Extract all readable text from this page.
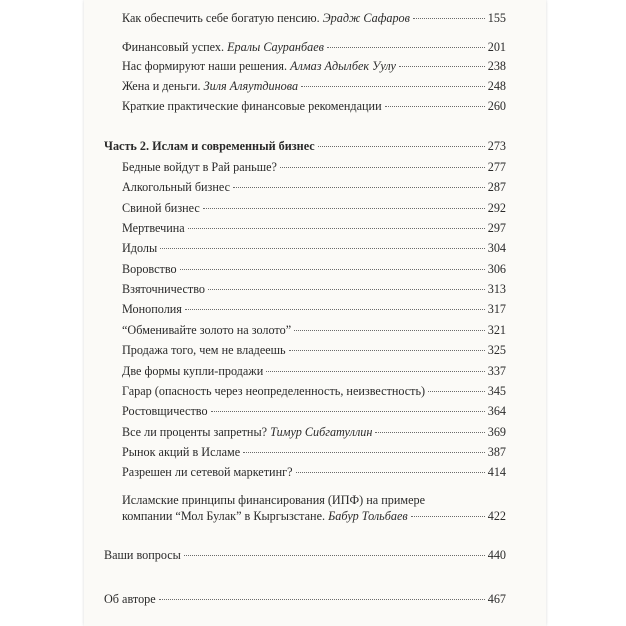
Как обеспечить себе богатую пенсию. Эрадж Сафаров	155
Финансовый успех. Ералы Сауранбаев	201
Нас формируют наши решения. Алмаз Адылбек Уулу	238
Жена и деньги. Зиля Аляутдинова	248
Краткие практические финансовые рекомендации	260
Часть 2. Ислам и современный бизнес	273
Бедные войдут в Рай раньше?	277
Алкогольный бизнес	287
Свиной бизнес	292
Мертвечина	297
Идолы	304
Воровство	306
Взяточничество	313
Монополия	317
“Обменивайте золото на золото”	321
Продажа того, чем не владеешь	325
Две формы купли-продажи	337
Гарар (опасность через неопределенность, неизвестность)	345
Ростовщичество	364
Все ли проценты запретны? Тимур Сибгатуллин	369
Рынок акций в Исламе	387
Разрешен ли сетевой маркетинг?	414
Исламские принципы финансирования (ИПФ) на примере
компании “Мол Булак” в Кыргызстане. Бабур Тольбаев	422
Ваши вопросы	440
Об авторе	467
